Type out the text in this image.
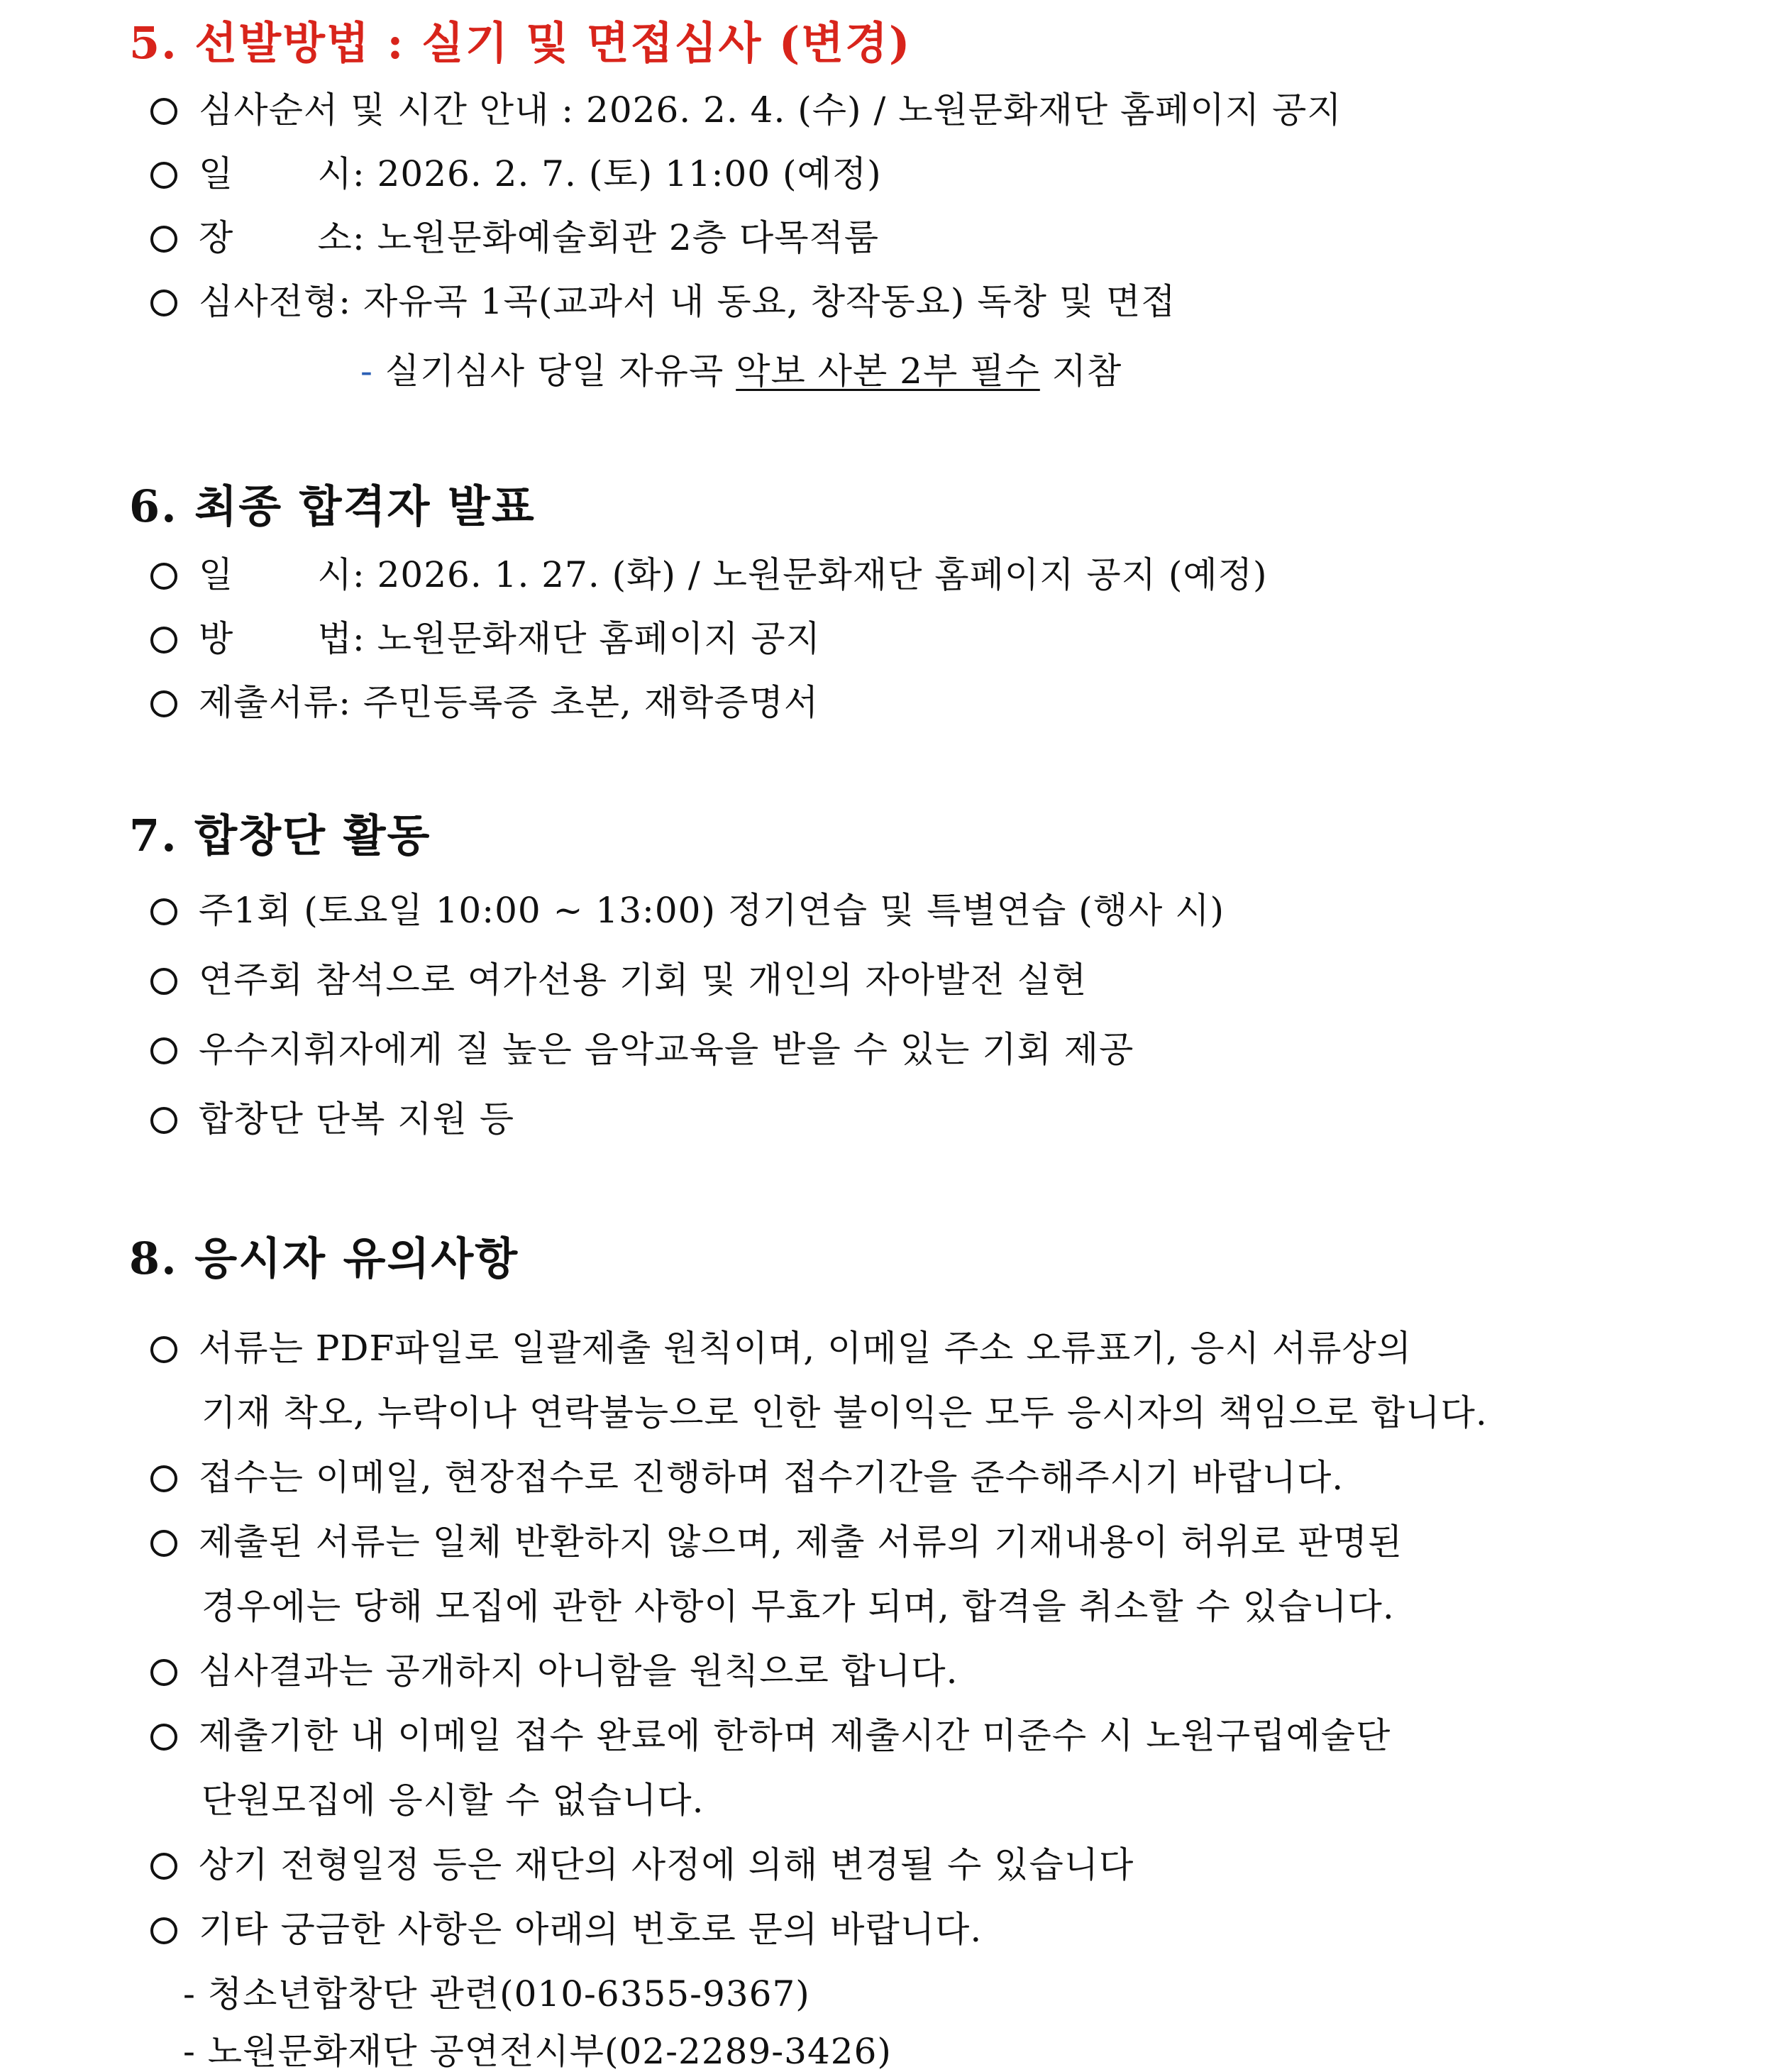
5. 선발방법 : 실기 및 면접심사 (변경)
심사순서 및 시간 안내 : 2026. 2. 4. (수) / 노원문화재단 홈페이지 공지
일       시: 2026. 2. 7. (토) 11:00 (예정)
장       소: 노원문화예술회관 2층 다목적룸
심사전형: 자유곡 1곡(교과서 내 동요, 창작동요) 독창 및 면접
- 실기심사 당일 자유곡 악보 사본 2부 필수 지참
6. 최종 합격자 발표
일       시: 2026. 1. 27. (화) / 노원문화재단 홈페이지 공지 (예정)
방       법: 노원문화재단 홈페이지 공지
제출서류: 주민등록증 초본, 재학증명서
7. 합창단 활동
주1회 (토요일 10:00 ~ 13:00) 정기연습 및 특별연습 (행사 시)
연주회 참석으로 여가선용 기회 및 개인의 자아발전 실현
우수지휘자에게 질 높은 음악교육을 받을 수 있는 기회 제공
합창단 단복 지원 등
8. 응시자 유의사항
서류는 PDF파일로 일괄제출 원칙이며, 이메일 주소 오류표기, 응시 서류상의
기재 착오, 누락이나 연락불능으로 인한 불이익은 모두 응시자의 책임으로 합니다.
접수는 이메일, 현장접수로 진행하며 접수기간을 준수해주시기 바랍니다.
제출된 서류는 일체 반환하지 않으며, 제출 서류의 기재내용이 허위로 판명된
경우에는 당해 모집에 관한 사항이 무효가 되며, 합격을 취소할 수 있습니다.
심사결과는 공개하지 아니함을 원칙으로 합니다.
제출기한 내 이메일 접수 완료에 한하며 제출시간 미준수 시 노원구립예술단
단원모집에 응시할 수 없습니다.
상기 전형일정 등은 재단의 사정에 의해 변경될 수 있습니다
기타 궁금한 사항은 아래의 번호로 문의 바랍니다.
- 청소년합창단 관련(010-6355-9367)
- 노원문화재단 공연전시부(02-2289-3426)
